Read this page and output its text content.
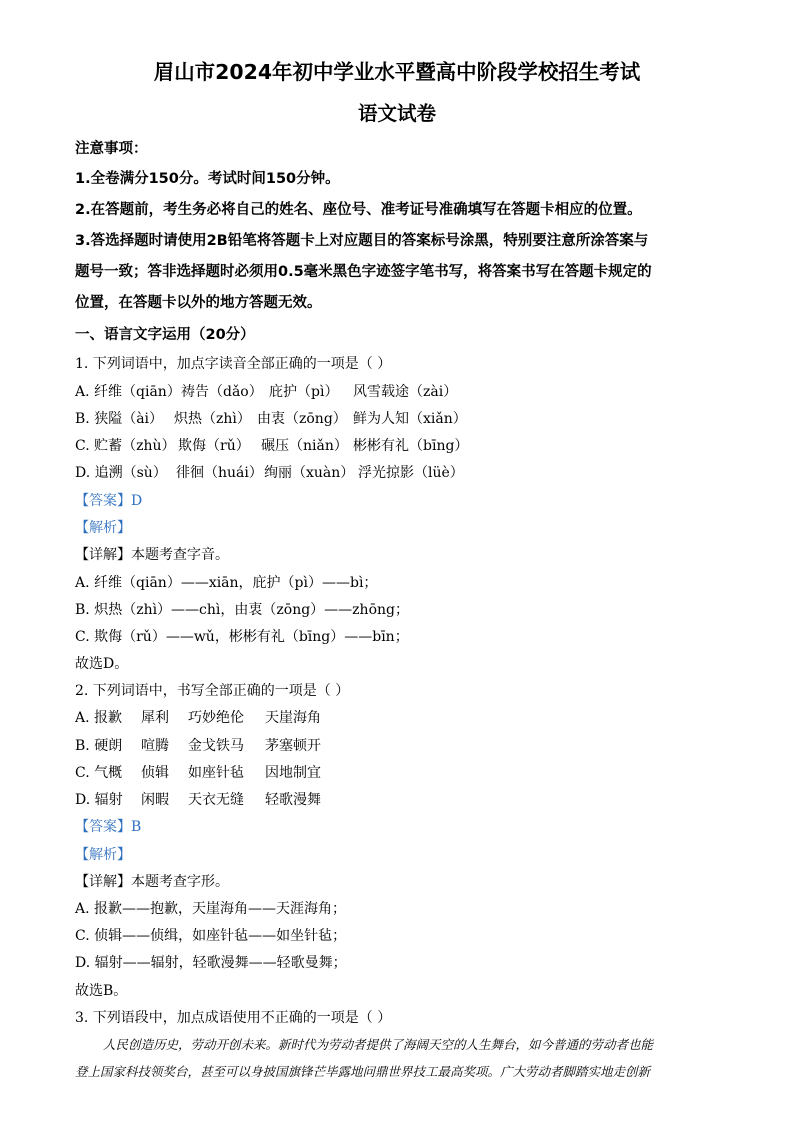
眉山市2024年初中学业水平暨高中阶段学校招生考试
语文试卷
注意事项：
1.全卷满分150分。考试时间150分钟。
2.在答题前，考生务必将自己的姓名、座位号、准考证号准确填写在答题卡相应的位置。
3.答选择题时请使用2B铅笔将答题卡上对应题目的答案标号涂黑，特别要注意所涂答案与
题号一致；答非选择题时必须用0.5毫米黑色字迹签字笔书写，将答案书写在答题卡规定的
位置，在答题卡以外的地方答题无效。
一、语言文字运用（20分）
1. 下列词语中，加点字读音全部正确的一项是（ ）
A. 纤维（qiān） 祷告（dǎo） 庇护（pì） 风雪载途（zài）
B. 狭隘（ài） 炽热（zhì） 由衷（zōng） 鲜为人知（xiǎn）
C. 贮蓄（zhù） 欺侮（rǔ） 碾压（niǎn） 彬彬有礼（bīng）
D. 追溯（sù） 徘徊（huái） 绚丽（xuàn） 浮光掠影（lüè）
【答案】D
【解析】
【详解】本题考查字音。
A. 纤维（qiān）——xiān，庇护（pì）——bì；
B. 炽热（zhì）——chì，由衷（zōng）——zhōng；
C. 欺侮（rǔ）——wǔ，彬彬有礼（bīng）——bīn；
故选D。
2. 下列词语中，书写全部正确的一项是（ ）
A. 报歉 犀利 巧妙绝伦 天崖海角
B. 硬朗 喧腾 金戈铁马 茅塞顿开
C. 气概 侦辑 如座针毡 因地制宜
D. 辐射 闲暇 天衣无缝 轻歌漫舞
【答案】B
【解析】
【详解】本题考查字形。
A. 报歉——抱歉，天崖海角——天涯海角；
C. 侦辑——侦缉，如座针毡——如坐针毡；
D. 辐射——辐射，轻歌漫舞——轻歌曼舞；
故选B。
3. 下列语段中，加点成语使用不正确的一项是（ ）
人民创造历史，劳动开创未来。新时代为劳动者提供了海阔天空的人生舞台，如今普通的劳动者也能
登上国家科技领奖台，甚至可以身披国旗锋芒毕露地问鼎世界技工最高奖项。广大劳动者脚踏实地走创新
